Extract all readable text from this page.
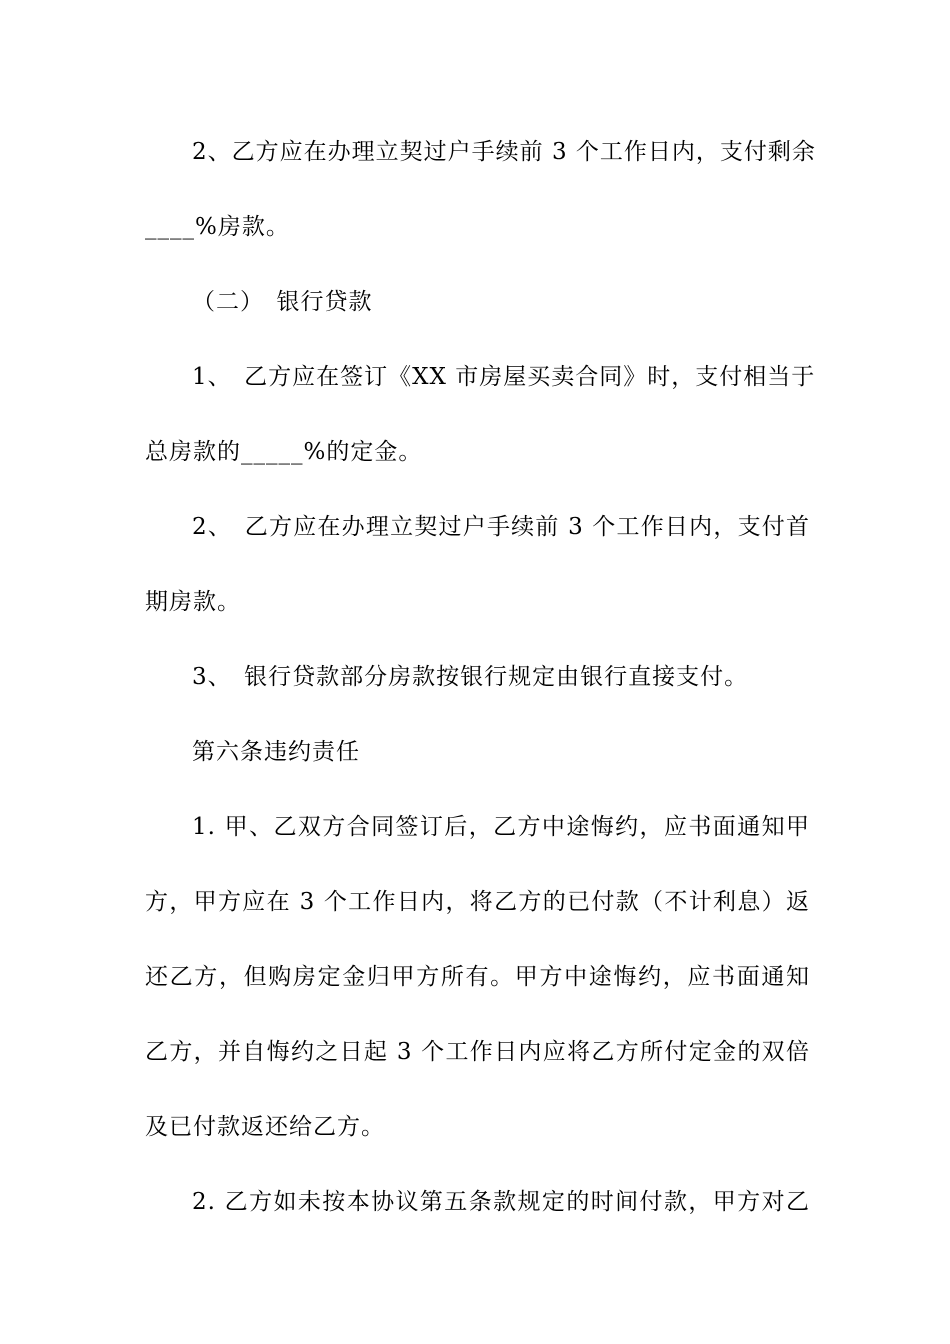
2、乙方应在办理立契过户手续前 3 个工作日内，支付剩余
____%房款。
（二）　银行贷款
1、　乙方应在签订《XX 市房屋买卖合同》时，支付相当于
总房款的_____%的定金。
2、　乙方应在办理立契过户手续前 3 个工作日内，支付首
期房款。
3、　银行贷款部分房款按银行规定由银行直接支付。
第六条违约责任
1. 甲、乙双方合同签订后，乙方中途悔约，应书面通知甲
方，甲方应在 3 个工作日内，将乙方的已付款（不计利息）返
还乙方，但购房定金归甲方所有。甲方中途悔约，应书面通知
乙方，并自悔约之日起 3 个工作日内应将乙方所付定金的双倍
及已付款返还给乙方。
2. 乙方如未按本协议第五条款规定的时间付款，甲方对乙
